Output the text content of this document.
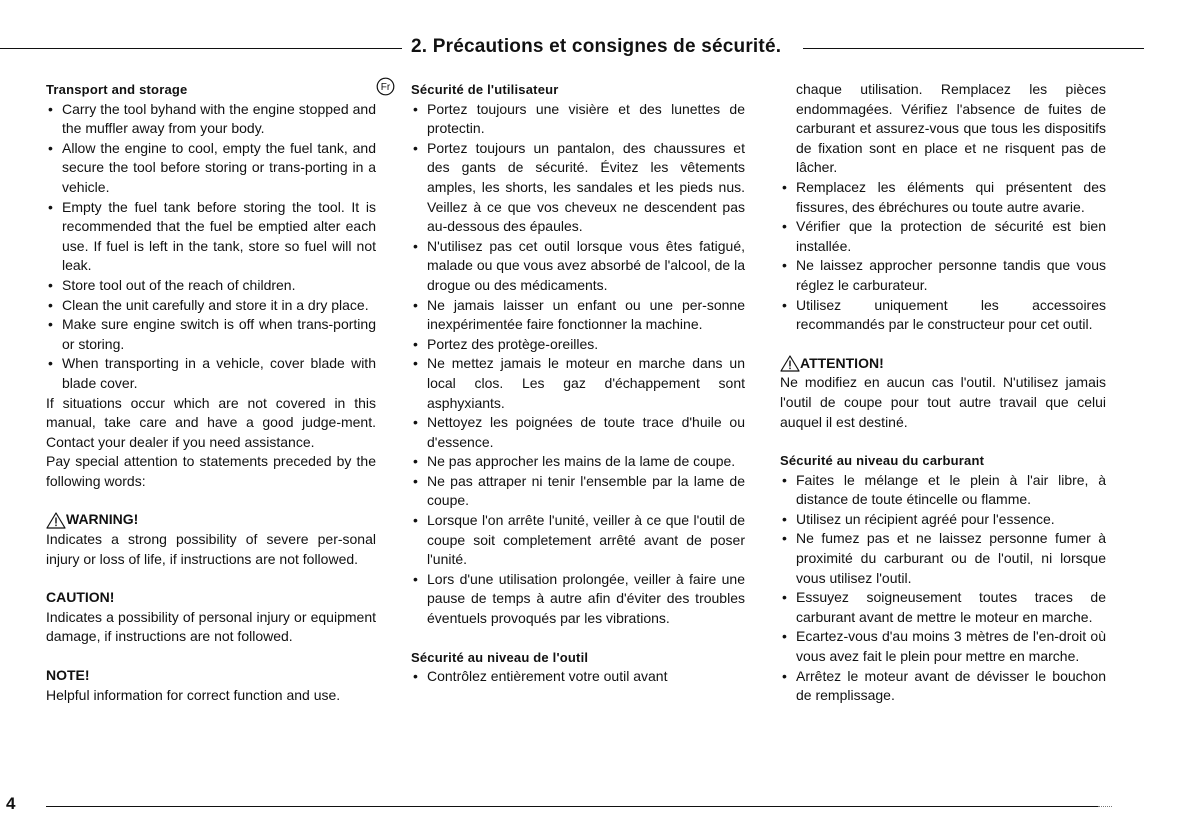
2. Précautions et consignes de sécurité.
Fr
Transport and storage
• Carry the tool byhand with the engine stopped and the muffler away from your body.
• Allow the engine to cool, empty the fuel tank, and secure the tool before storing or trans-porting in a vehicle.
• Empty the fuel tank before storing the tool. It is recommended that the fuel be emptied alter each use. If fuel is left in the tank, store so fuel will not leak.
• Store tool out of the reach of children.
• Clean the unit carefully and store it in a dry place.
• Make sure engine switch is off when trans-porting or storing.
• When transporting in a vehicle, cover blade with blade cover.

If situations occur which are not covered in this manual, take care and have a good judge-ment. Contact your dealer if you need assistance.

Pay special attention to statements preceded by the following words:

WARNING!

Indicates a strong possibility of severe per-sonal injury or loss of life, if instructions are not followed.

CAUTION!

Indicates a possibility of personal injury or equipment damage, if instructions are not followed.

NOTE!

Helpful information for correct function and use.

Sécurité de l'utilisateur
• Portez toujours une visière et des lunettes de protectin.
• Portez toujours un pantalon, des chaussures et des gants de sécurité. Évitez les vêtements amples, les shorts, les sandales et les pieds nus. Veillez à ce que vos cheveux ne descendent pas au-dessous des épaules.
• N'utilisez pas cet outil lorsque vous êtes fatigué, malade ou que vous avez absorbé de l'alcool, de la drogue ou des médicaments.
• Ne jamais laisser un enfant ou une per-sonne inexpérimentée faire fonctionner la machine.
• Portez des protège-oreilles.
• Ne mettez jamais le moteur en marche dans un local clos. Les gaz d'échappement sont asphyxiants.
• Nettoyez les poignées de toute trace d'huile ou d'essence.
• Ne pas approcher les mains de la lame de coupe.
• Ne pas attraper ni tenir l'ensemble par la lame de coupe.
• Lorsque l'on arrête l'unité, veiller à ce que l'outil de coupe soit completement arrêté avant de poser l'unité.
• Lors d'une utilisation prolongée, veiller à faire une pause de temps à autre afin d'éviter des troubles éventuels provoqués par les vibrations.
Sécurité au niveau de l'outil
• Contrôlez entièrement votre outil avant

chaque utilisation. Remplacez les pièces endommagées. Vérifiez l'absence de fuites de carburant et assurez-vous que tous les dispositifs de fixation sont en place et ne risquent pas de lâcher.

• Remplacez les éléments qui présentent des fissures, des ébréchures ou toute autre avarie.
• Vérifier que la protection de sécurité est bien installée.
• Ne laissez approcher personne tandis que vous réglez le carburateur.
• Utilisez uniquement les accessoires recommandés par le constructeur pour cet outil.
ATTENTION!

Ne modifiez en aucun cas l'outil. N'utilisez jamais l'outil de coupe pour tout autre travail que celui auquel il est destiné.

Sécurité au niveau du carburant
• Faites le mélange et le plein à l'air libre, à distance de toute étincelle ou flamme.
• Utilisez un récipient agréé pour l'essence.
• Ne fumez pas et ne laissez personne fumer à proximité du carburant ou de l'outil, ni lorsque vous utilisez l'outil.
• Essuyez soigneusement toutes traces de carburant avant de mettre le moteur en marche.
• Ecartez-vous d'au moins 3 mètres de l'en-droit où vous avez fait le plein pour mettre en marche.
• Arrêtez le moteur avant de dévisser le bouchon de remplissage.
4
